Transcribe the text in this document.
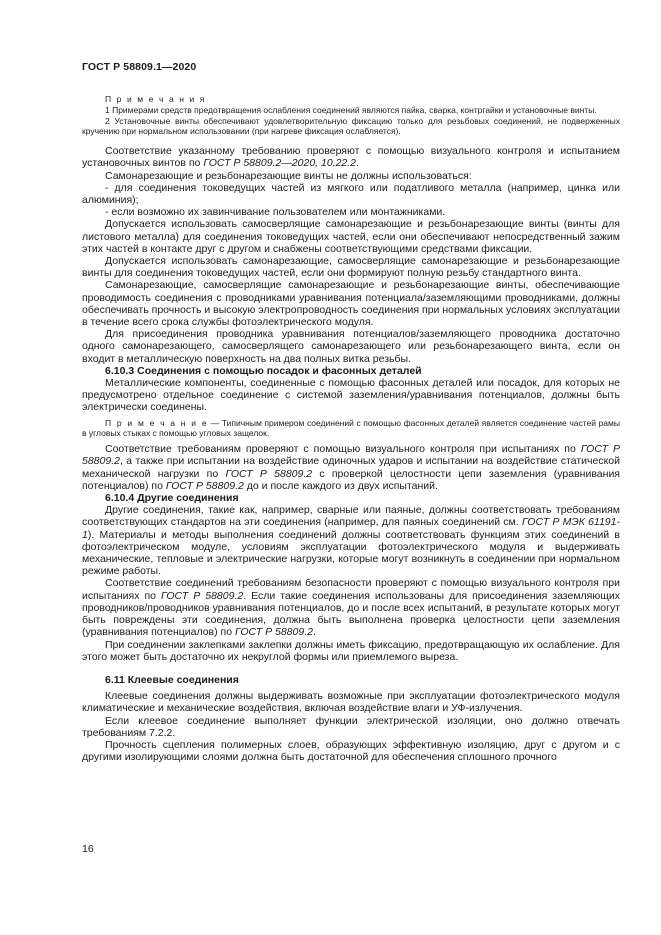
ГОСТ Р 58809.1—2020

П р и м е ч а н и я

1 Примерами средств предотвращения ослабления соединений являются пайка, сварка, контргайки и установочные винты.

2 Установочные винты обеспечивают удовлетворительную фиксацию только для резьбовых соединений, не подверженных кручению при нормальном использовании (при нагреве фиксация ослабляется).

Соответствие указанному требованию проверяют с помощью визуального контроля и испытанием установочных винтов по ГОСТ Р 58809.2—2020, 10.22.2.

Самонарезающие и резьбонарезающие винты не должны использоваться:

- для соединения токоведущих частей из мягкого или податливого металла (например, цинка или алюминия);

- если возможно их завинчивание пользователем или монтажниками.

Допускается использовать самосверлящие самонарезающие и резьбонарезающие винты (винты для листового металла) для соединения токоведущих частей, если они обеспечивают непосредственный зажим этих частей в контакте друг с другом и снабжены соответствующими средствами фиксации.

Допускается использовать самонарезающие, самосверлящие самонарезающие и резьбонарезающие винты для соединения токоведущих частей, если они формируют полную резьбу стандартного винта.

Самонарезающие, самосверлящие самонарезающие и резьбонарезающие винты, обеспечивающие проводимость соединения с проводниками уравнивания потенциала/заземляющими проводниками, должны обеспечивать прочность и высокую электропроводность соединения при нормальных условиях эксплуатации в течение всего срока службы фотоэлектрического модуля.

Для присоединения проводника уравнивания потенциалов/заземляющего проводника достаточно одного самонарезающего, самосверлящего самонарезающего или резьбонарезающего винта, если он входит в металлическую поверхность на два полных витка резьбы.

6.10.3 Соединения с помощью посадок и фасонных деталей

Металлические компоненты, соединенные с помощью фасонных деталей или посадок, для которых не предусмотрено отдельное соединение с системой заземления/уравнивания потенциалов, должны быть электрически соединены.

П р и м е ч а н и е — Типичным примером соединений с помощью фасонных деталей является соединение частей рамы в угловых стыках с помощью угловых защелок.

Соответствие требованиям проверяют с помощью визуального контроля при испытаниях по ГОСТ Р 58809.2, а также при испытании на воздействие одиночных ударов и испытании на воздействие статической механической нагрузки по ГОСТ Р 58809.2 с проверкой целостности цепи заземления (уравнивания потенциалов) по ГОСТ Р 58809.2 до и после каждого из двух испытаний.

6.10.4 Другие соединения

Другие соединения, такие как, например, сварные или паяные, должны соответствовать требованиям соответствующих стандартов на эти соединения (например, для паяных соединений см. ГОСТ Р МЭК 61191-1). Материалы и методы выполнения соединений должны соответствовать функциям этих соединений в фотоэлектрическом модуле, условиям эксплуатации фотоэлектрического модуля и выдерживать механические, тепловые и электрические нагрузки, которые могут возникнуть в соединении при нормальном режиме работы.

Соответствие соединений требованиям безопасности проверяют с помощью визуального контроля при испытаниях по ГОСТ Р 58809.2. Если такие соединения использованы для присоединения заземляющих проводников/проводников уравнивания потенциалов, до и после всех испытаний, в результате которых могут быть повреждены эти соединения, должна быть выполнена проверка целостности цепи заземления (уравнивания потенциалов) по ГОСТ Р 58809.2.

При соединении заклепками заклепки должны иметь фиксацию, предотвращающую их ослабление. Для этого может быть достаточно их некруглой формы или приемлемого выреза.

6.11 Клеевые соединения

Клеевые соединения должны выдерживать возможные при эксплуатации фотоэлектрического модуля климатические и механические воздействия, включая воздействие влаги и УФ-излучения.

Если клеевое соединение выполняет функции электрической изоляции, оно должно отвечать требованиям 7.2.2.

Прочность сцепления полимерных слоев, образующих эффективную изоляцию, друг с другом и с другими изолирующими слоями должна быть достаточной для обеспечения сплошного прочного

16
